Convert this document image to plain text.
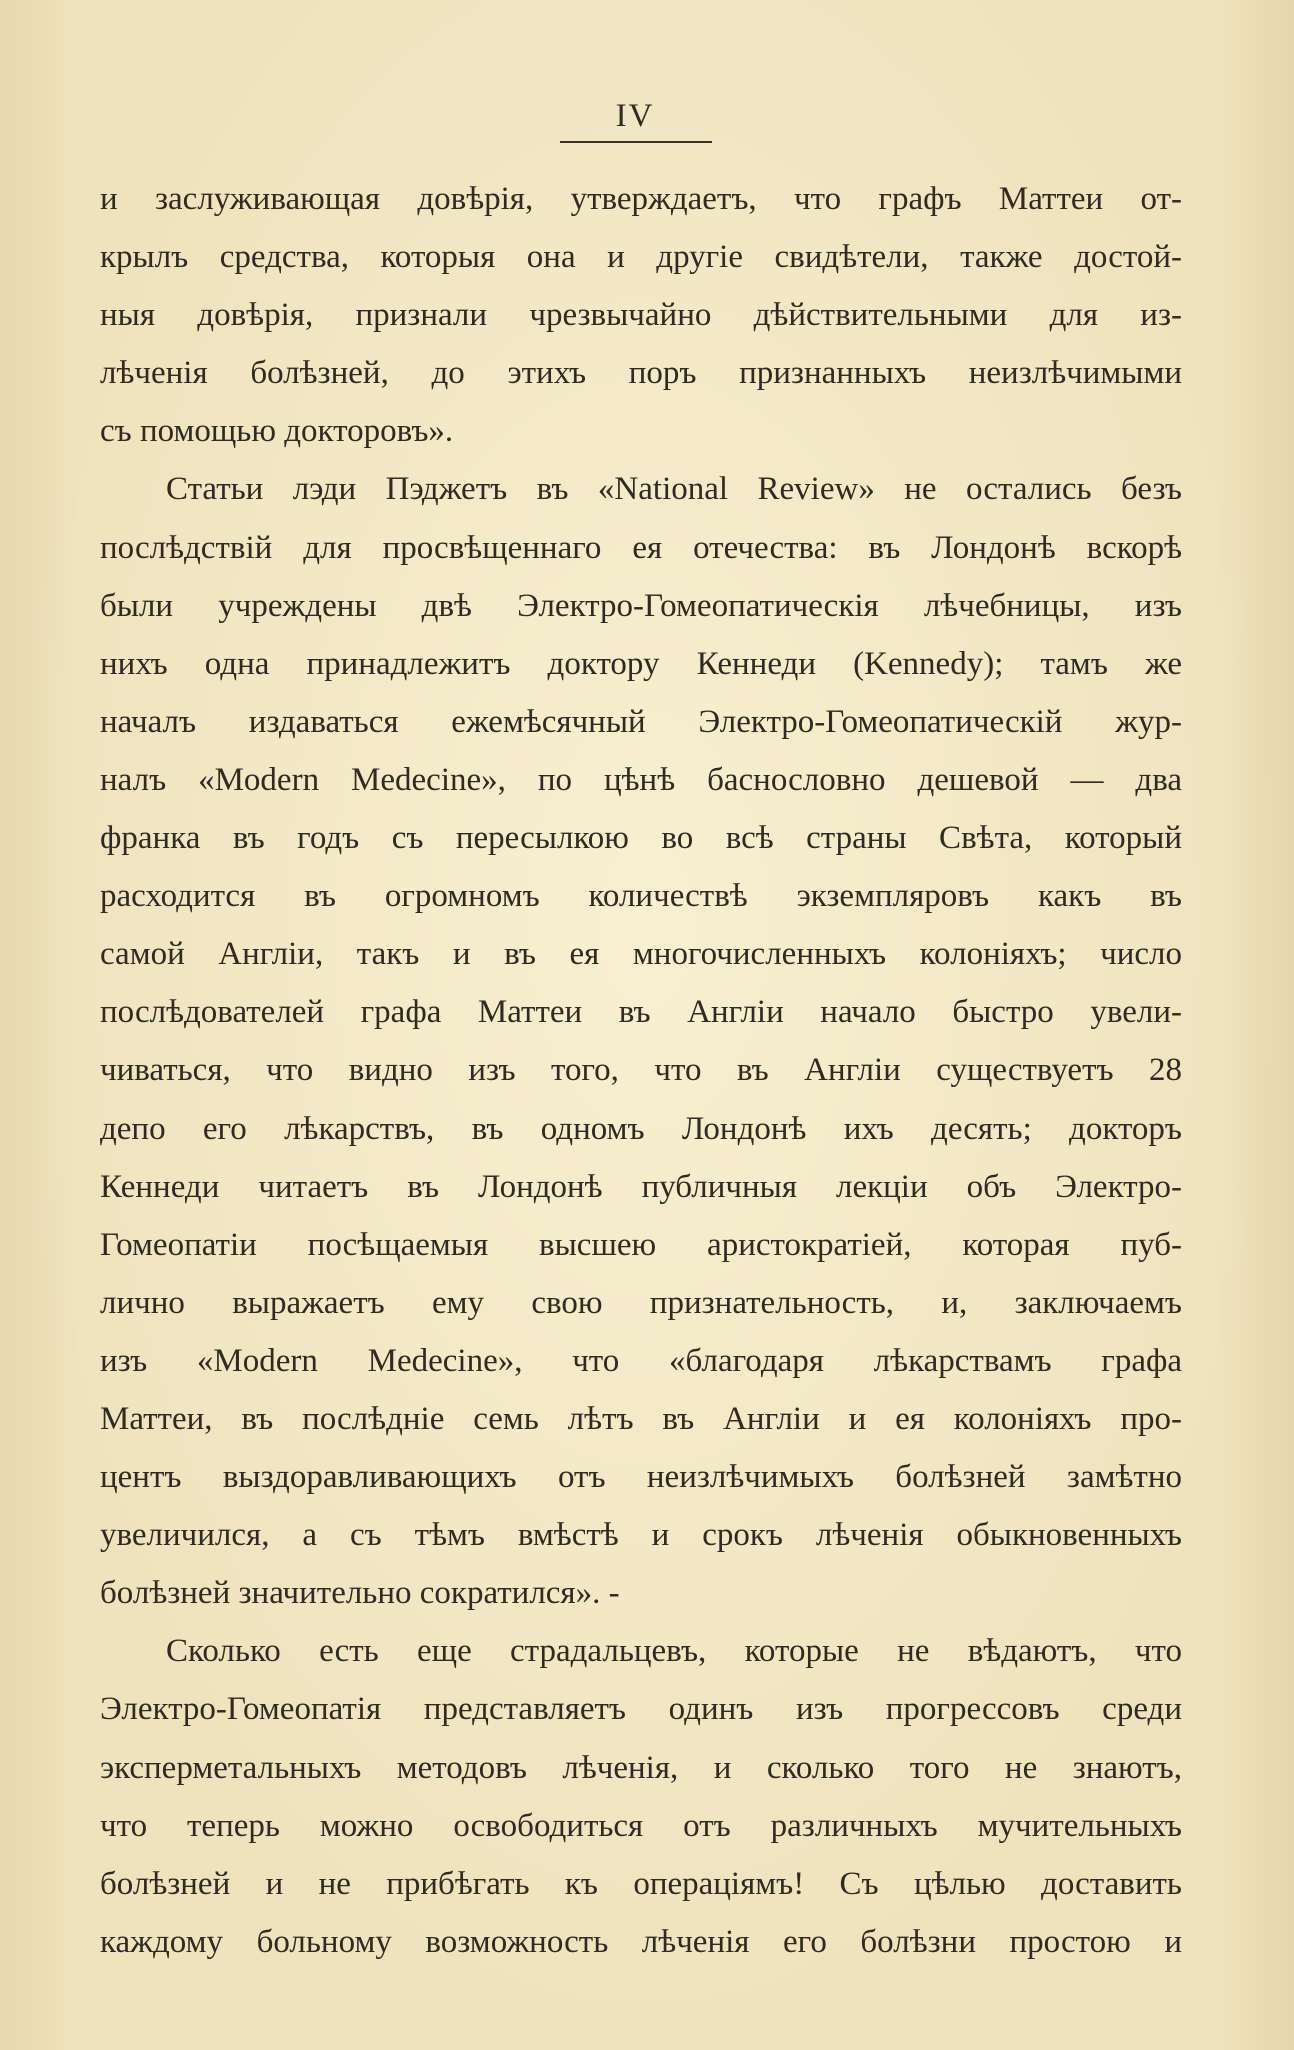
IV
и заслуживающая довѣрія, утверждаетъ, что графъ Маттеи от-
крылъ средства, которыя она и другіе свидѣтели, также достой-
ныя довѣрія, признали чрезвычайно дѣйствительными для из-
лѣченія болѣзней, до этихъ поръ признанныхъ неизлѣчимыми
съ помощью докторовъ».
Статьи лэди Пэджетъ въ «National Review» не остались безъ
послѣдствій для просвѣщеннаго ея отечества: въ Лондонѣ вскорѣ
были учреждены двѣ Электро-Гомеопатическія лѣчебницы, изъ
нихъ одна принадлежитъ доктору Кеннеди (Kennedy); тамъ же
началъ издаваться ежемѣсячный Электро-Гомеопатическій жур-
налъ «Modern Medecine», по цѣнѣ баснословно дешевой — два
франка въ годъ съ пересылкою во всѣ страны Свѣта, который
расходится въ огромномъ количествѣ экземпляровъ какъ въ
самой Англіи, такъ и въ ея многочисленныхъ колоніяхъ; число
послѣдователей графа Маттеи въ Англіи начало быстро увели-
чиваться, что видно изъ того, что въ Англіи существуетъ 28
депо его лѣкарствъ, въ одномъ Лондонѣ ихъ десять; докторъ
Кеннеди читаетъ въ Лондонѣ публичныя лекціи объ Электро-
Гомеопатіи посѣщаемыя высшею аристократіей, которая пуб-
лично выражаетъ ему свою признательность, и, заключаемъ
изъ «Modern Medecine», что «благодаря лѣкарствамъ графа
Маттеи, въ послѣдніе семь лѣтъ въ Англіи и ея колоніяхъ про-
центъ выздоравливающихъ отъ неизлѣчимыхъ болѣзней замѣтно
увеличился, а съ тѣмъ вмѣстѣ и срокъ лѣченія обыкновенныхъ
болѣзней значительно сократился». -
Сколько есть еще страдальцевъ, которые не вѣдаютъ, что
Электро-Гомеопатія представляетъ одинъ изъ прогрессовъ среди
эксперметальныхъ методовъ лѣченія, и сколько того не знаютъ,
что теперь можно освободиться отъ различныхъ мучительныхъ
болѣзней и не прибѣгать къ операціямъ! Съ цѣлью доставить
каждому больному возможность лѣченія его болѣзни простою и
